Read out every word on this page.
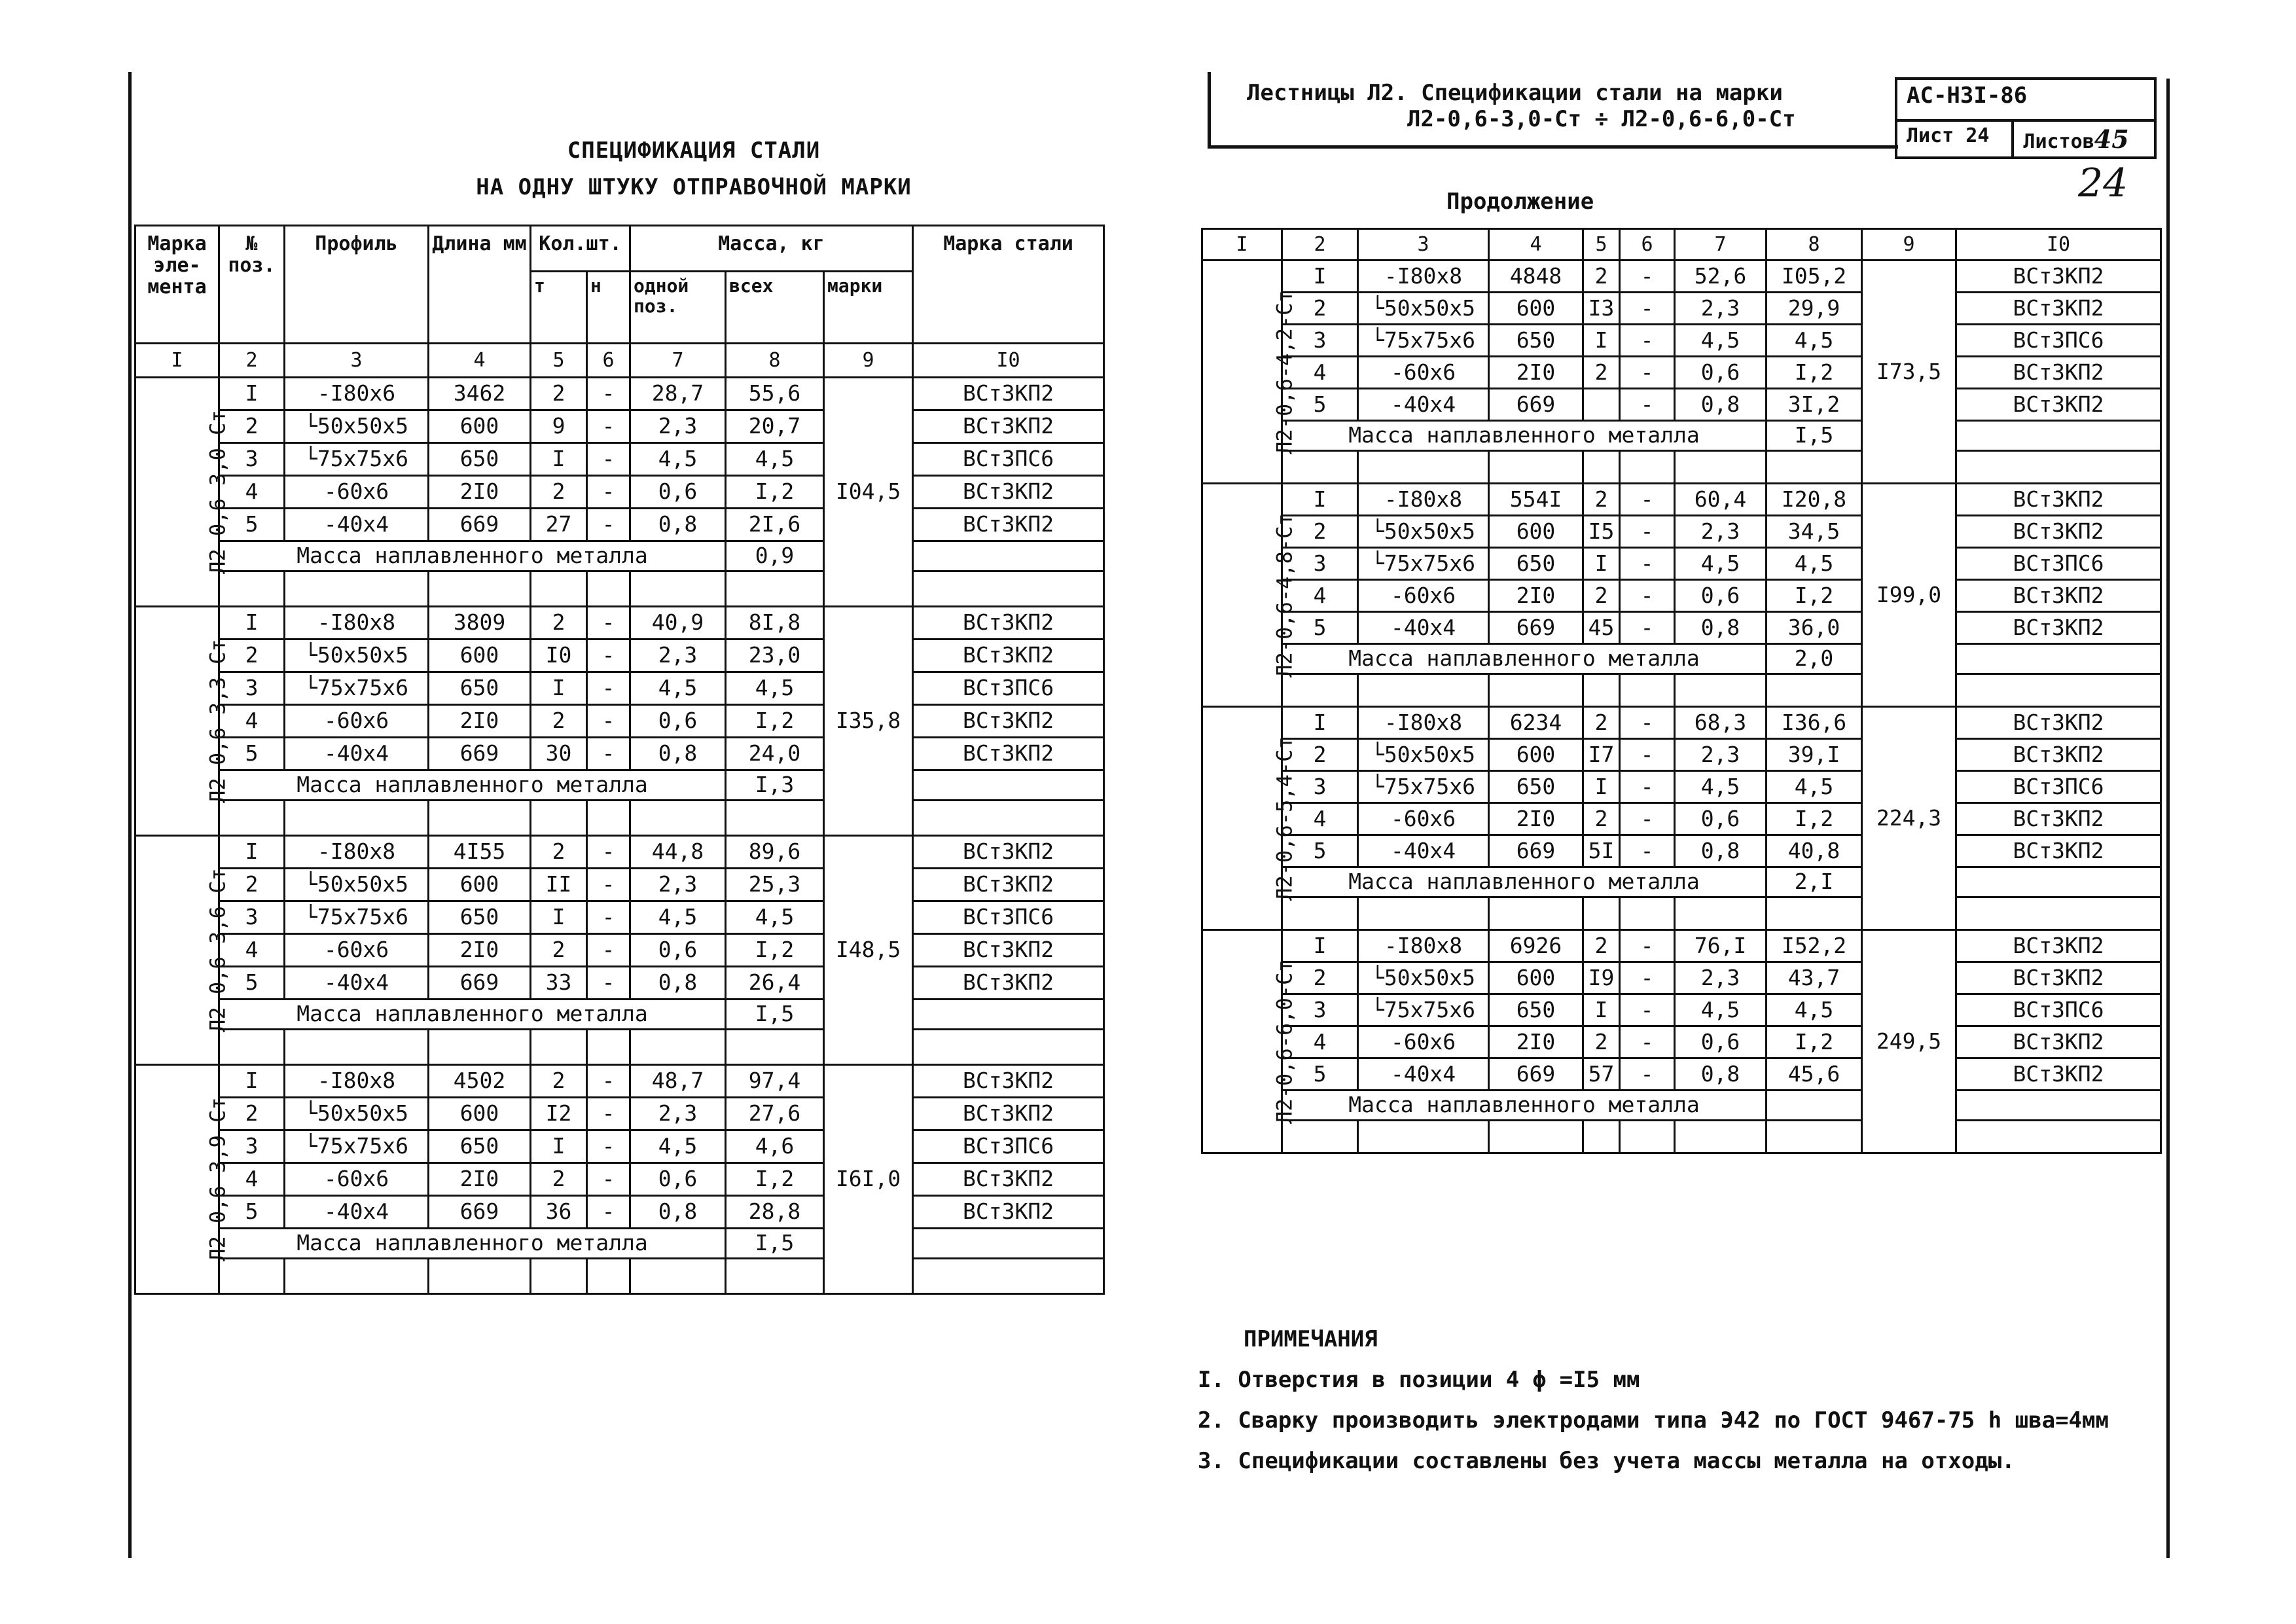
СПЕЦИФИКАЦИЯ СТАЛИ
НА ОДНУ ШТУКУ ОТПРАВОЧНОЙ МАРКИ
Марка эле-мента	№ поз.	Профиль	Длина мм	Кол.шт.		Масса, кг			Марка стали
				т	н	одной поз.	всех	марки	
I	2	3	4	5	6	7	8	9	I0
Л2-0,6-3,0-Ст	I	-I80х6	3462	2	-	28,7	55,6	I04,5	ВСт3КП2
	2	└50х50х5	600	9	-	2,3	20,7		ВСт3КП2
	3	└75х75х6	650	I	-	4,5	4,5		ВСт3ПС6
	4	-60х6	2I0	2	-	0,6	I,2		ВСт3КП2
	5	-40х4	669	27	-	0,8	2I,6		ВСт3КП2
	Масса наплавленного металла						0,9		

Л2-0,6-3,3-Ст	I	-I80х8	3809	2	-	40,9	8I,8	I35,8	ВСт3КП2
	2	└50х50х5	600	I0	-	2,3	23,0		ВСт3КП2
	3	└75х75х6	650	I	-	4,5	4,5		ВСт3ПС6
	4	-60х6	2I0	2	-	0,6	I,2		ВСт3КП2
	5	-40х4	669	30	-	0,8	24,0		ВСт3КП2
	Масса наплавленного металла						I,3		

Л2-0,6-3,6-Ст	I	-I80х8	4I55	2	-	44,8	89,6	I48,5	ВСт3КП2
	2	└50х50х5	600	II	-	2,3	25,3		ВСт3КП2
	3	└75х75х6	650	I	-	4,5	4,5		ВСт3ПС6
	4	-60х6	2I0	2	-	0,6	I,2		ВСт3КП2
	5	-40х4	669	33	-	0,8	26,4		ВСт3КП2
	Масса наплавленного металла						I,5		

Л2-0,6-3,9-Ст	I	-I80х8	4502	2	-	48,7	97,4	I6I,0	ВСт3КП2
	2	└50х50х5	600	I2	-	2,3	27,6		ВСт3КП2
	3	└75х75х6	650	I	-	4,5	4,6		ВСт3ПС6
	4	-60х6	2I0	2	-	0,6	I,2		ВСт3КП2
	5	-40х4	669	36	-	0,8	28,8		ВСт3КП2
	Масса наплавленного металла						I,5		

Лестницы Л2. Спецификации стали на марки
Л2-0,6-3,0-Ст ÷ Л2-0,6-6,0-Ст
АС-Н3I-86
Лист 24	Листов45
24
Продолжение
I	2	3	4	5	6	7	8	9	I0
Л2-0,6-4,2-Ст	I	-I80х8	4848	2	-	52,6	I05,2	I73,5	ВСт3КП2
	2	└50х50х5	600	I3	-	2,3	29,9		ВСт3КП2
	3	└75х75х6	650	I	-	4,5	4,5		ВСт3ПС6
	4	-60х6	2I0	2	-	0,6	I,2		ВСт3КП2
	5	-40х4	669		-	0,8	3I,2		ВСт3КП2
	Масса наплавленного металла						I,5		

Л2-0,6-4,8-Ст	I	-I80х8	554I	2	-	60,4	I20,8	I99,0	ВСт3КП2
	2	└50х50х5	600	I5	-	2,3	34,5		ВСт3КП2
	3	└75х75х6	650	I	-	4,5	4,5		ВСт3ПС6
	4	-60х6	2I0	2	-	0,6	I,2		ВСт3КП2
	5	-40х4	669	45	-	0,8	36,0		ВСт3КП2
	Масса наплавленного металла						2,0		

Л2-0,6-5,4-Ст	I	-I80х8	6234	2	-	68,3	I36,6	224,3	ВСт3КП2
	2	└50х50х5	600	I7	-	2,3	39,I		ВСт3КП2
	3	└75х75х6	650	I	-	4,5	4,5		ВСт3ПС6
	4	-60х6	2I0	2	-	0,6	I,2		ВСт3КП2
	5	-40х4	669	5I	-	0,8	40,8		ВСт3КП2
	Масса наплавленного металла						2,I		

Л2-0,6-6,0-Ст	I	-I80х8	6926	2	-	76,I	I52,2	249,5	ВСт3КП2
	2	└50х50х5	600	I9	-	2,3	43,7		ВСт3КП2
	3	└75х75х6	650	I	-	4,5	4,5		ВСт3ПС6
	4	-60х6	2I0	2	-	0,6	I,2		ВСт3КП2
	5	-40х4	669	57	-	0,8	45,6		ВСт3КП2
	Масса наплавленного металла								

ПРИМЕЧАНИЯ
I. Отверстия в позиции 4 ϕ =I5 мм
2. Сварку производить электродами типа Э42 по ГОСТ 9467-75 h шва=4мм
3. Спецификации составлены без учета массы металла на отходы.
